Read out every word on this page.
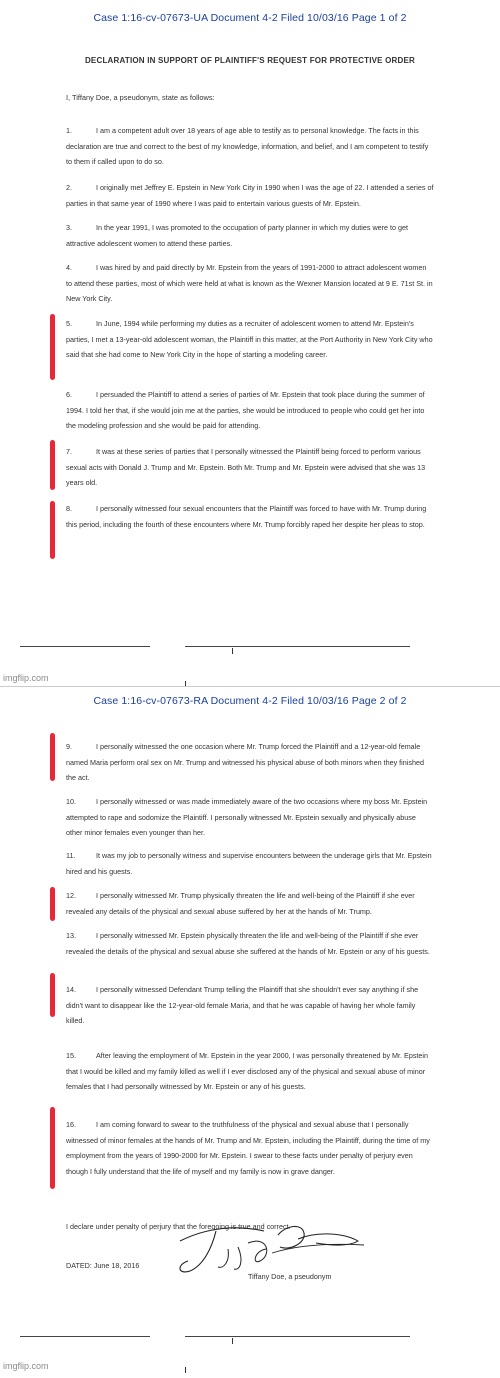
Case 1:16-cv-07673-UA Document 4-2 Filed 10/03/16 Page 1 of 2
DECLARATION IN SUPPORT OF PLAINTIFF'S REQUEST FOR PROTECTIVE ORDER
I, Tiffany Doe, a pseudonym, state as follows:
1.	I am a competent adult over 18 years of age able to testify as to personal knowledge. The facts in this declaration are true and correct to the best of my knowledge, information, and belief, and I am competent to testify to them if called upon to do so.
2.	I originally met Jeffrey E. Epstein in New York City in 1990 when I was the age of 22. I attended a series of parties in that same year of 1990 where I was paid to entertain various guests of Mr. Epstein.
3.	In the year 1991, I was promoted to the occupation of party planner in which my duties were to get attractive adolescent women to attend these parties.
4.	I was hired by and paid directly by Mr. Epstein from the years of 1991-2000 to attract adolescent women to attend these parties, most of which were held at what is known as the Wexner Mansion located at 9 E. 71st St. in New York City.
5.	In June, 1994 while performing my duties as a recruiter of adolescent women to attend Mr. Epstein's parties, I met a 13-year-old adolescent woman, the Plaintiff in this matter, at the Port Authority in New York City who said that she had come to New York City in the hope of starting a modeling career.
6.	I persuaded the Plaintiff to attend a series of parties of Mr. Epstein that took place during the summer of 1994. I told her that, if she would join me at the parties, she would be introduced to people who could get her into the modeling profession and she would be paid for attending.
7.	It was at these series of parties that I personally witnessed the Plaintiff being forced to perform various sexual acts with Donald J. Trump and Mr. Epstein. Both Mr. Trump and Mr. Epstein were advised that she was 13 years old.
8.	I personally witnessed four sexual encounters that the Plaintiff was forced to have with Mr. Trump during this period, including the fourth of these encounters where Mr. Trump forcibly raped her despite her pleas to stop.
imgflip.com
Case 1:16-cv-07673-RA Document 4-2 Filed 10/03/16 Page 2 of 2
9.	I personally witnessed the one occasion where Mr. Trump forced the Plaintiff and a 12-year-old female named Maria perform oral sex on Mr. Trump and witnessed his physical abuse of both minors when they finished the act.
10.	I personally witnessed or was made immediately aware of the two occasions where my boss Mr. Epstein attempted to rape and sodomize the Plaintiff. I personally witnessed Mr. Epstein sexually and physically abuse other minor females even younger than her.
11.	It was my job to personally witness and supervise encounters between the underage girls that Mr. Epstein hired and his guests.
12.	I personally witnessed Mr. Trump physically threaten the life and well-being of the Plaintiff if she ever revealed any details of the physical and sexual abuse suffered by her at the hands of Mr. Trump.
13.	I personally witnessed Mr. Epstein physically threaten the life and well-being of the Plaintiff if she ever revealed the details of the physical and sexual abuse she suffered at the hands of Mr. Epstein or any of his guests.
14.	I personally witnessed Defendant Trump telling the Plaintiff that she shouldn't ever say anything if she didn't want to disappear like the 12-year-old female Maria, and that he was capable of having her whole family killed.
15.	After leaving the employment of Mr. Epstein in the year 2000, I was personally threatened by Mr. Epstein that I would be killed and my family killed as well if I ever disclosed any of the physical and sexual abuse of minor females that I had personally witnessed by Mr. Epstein or any of his guests.
16.	I am coming forward to swear to the truthfulness of the physical and sexual abuse that I personally witnessed of minor females at the hands of Mr. Trump and Mr. Epstein, including the Plaintiff, during the time of my employment from the years of 1990-2000 for Mr. Epstein. I swear to these facts under penalty of perjury even though I fully understand that the life of myself and my family is now in grave danger.
I declare under penalty of perjury that the foregoing is true and correct.
DATED: June 18, 2016
Tiffany Doe, a pseudonym
imgflip.com
